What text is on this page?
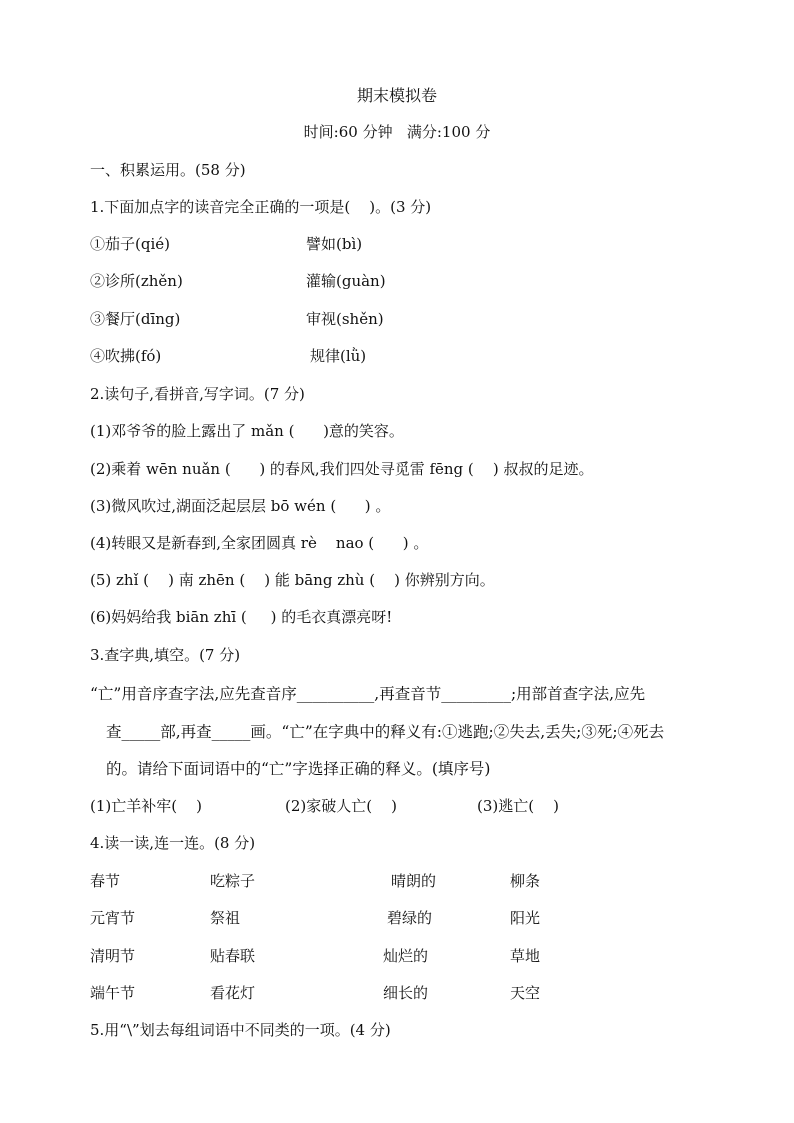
期末模拟卷
时间:60 分钟   满分:100 分
一、积累运用。(58 分)
1.下面加点字的读音完全正确的一项是(    )。(3 分)
①茄子(qié)	譬如(bì)
②诊所(zhěn)	灌输(guàn)
③餐厅(dīng)	审视(shěn)
④吹拂(fó)	规律(lǜ)
2.读句子,看拼音,写字词。(7 分)
(1)邓爷爷的脸上露出了 mǎn (      )意的笑容。
(2)乘着 wēn nuǎn (      ) 的春风,我们四处寻觅雷 fēng (    ) 叔叔的足迹。
(3)微风吹过,湖面泛起层层 bō wén (      ) 。
(4)转眼又是新春到,全家团圆真 rè    nao (      ) 。
(5) zhǐ (    ) 南 zhēn (    ) 能 bāng zhù (    ) 你辨别方向。
(6)妈妈给我 biān zhī (     ) 的毛衣真漂亮呀!
3.查字典,填空。(7 分)
“亡”用音序查字法,应先查音序__________,再查音节_________;用部首查字法,应先
查_____部,再查_____画。“亡”在字典中的释义有:①逃跑;②失去,丢失;③死;④死去
的。请给下面词语中的“亡”字选择正确的释义。(填序号)
(1)亡羊补牢(    )	(2)家破人亡(    )	(3)逃亡(    )
4.读一读,连一连。(8 分)
春节	吃粽子	晴朗的	柳条
元宵节	祭祖	碧绿的	阳光
清明节	贴春联	灿烂的	草地
端午节	看花灯	细长的	天空
5.用“\”划去每组词语中不同类的一项。(4 分)
